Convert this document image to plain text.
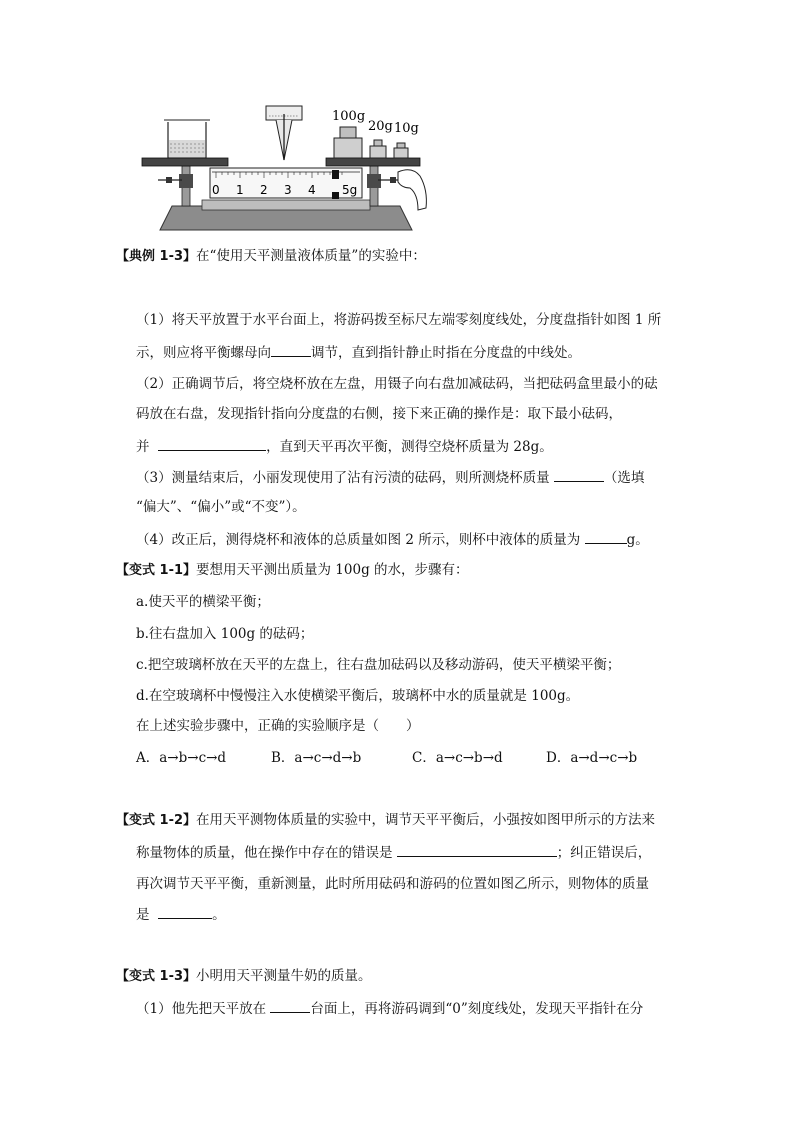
100g
20g 10g
0 1 2 3 4 5g
【典例 1-3】在“使用天平测量液体质量”的实验中：
（1）将天平放置于水平台面上，将游码拨至标尺左端零刻度线处，分度盘指针如图 1 所
示，则应将平衡螺母向	调节，直到指针静止时指在分度盘的中线处。
（2）正确调节后，将空烧杯放在左盘，用镊子向右盘加减砝码，当把砝码盒里最小的砝
码放在右盘，发现指针指向分度盘的右侧，接下来正确的操作是：取下最小砝码，
并	，直到天平再次平衡，测得空烧杯质量为 28g。
（3）测量结束后，小丽发现使用了沾有污渍的砝码，则所测烧杯质量	（选填
“偏大”、“偏小”或“不变”）。
（4）改正后，测得烧杯和液体的总质量如图 2 所示，则杯中液体的质量为	g。
【变式 1-1】要想用天平测出质量为 100g 的水，步骤有：
a.使天平的横梁平衡；
b.往右盘加入 100g 的砝码；
c.把空玻璃杯放在天平的左盘上，往右盘加砝码以及移动游码，使天平横梁平衡；
d.在空玻璃杯中慢慢注入水使横梁平衡后，玻璃杯中水的质量就是 100g。
在上述实验步骤中，正确的实验顺序是（　　）
A．a→b→c→d	B．a→c→d→b	C．a→c→b→d	D．a→d→c→b
【变式 1-2】在用天平测物体质量的实验中，调节天平平衡后，小强按如图甲所示的方法来
称量物体的质量，他在操作中存在的错误是	；纠正错误后，
再次调节天平平衡，重新测量，此时所用砝码和游码的位置如图乙所示，则物体的质量
是	。
【变式 1-3】小明用天平测量牛奶的质量。
（1）他先把天平放在	台面上，再将游码调到“0”刻度线处，发现天平指针在分
